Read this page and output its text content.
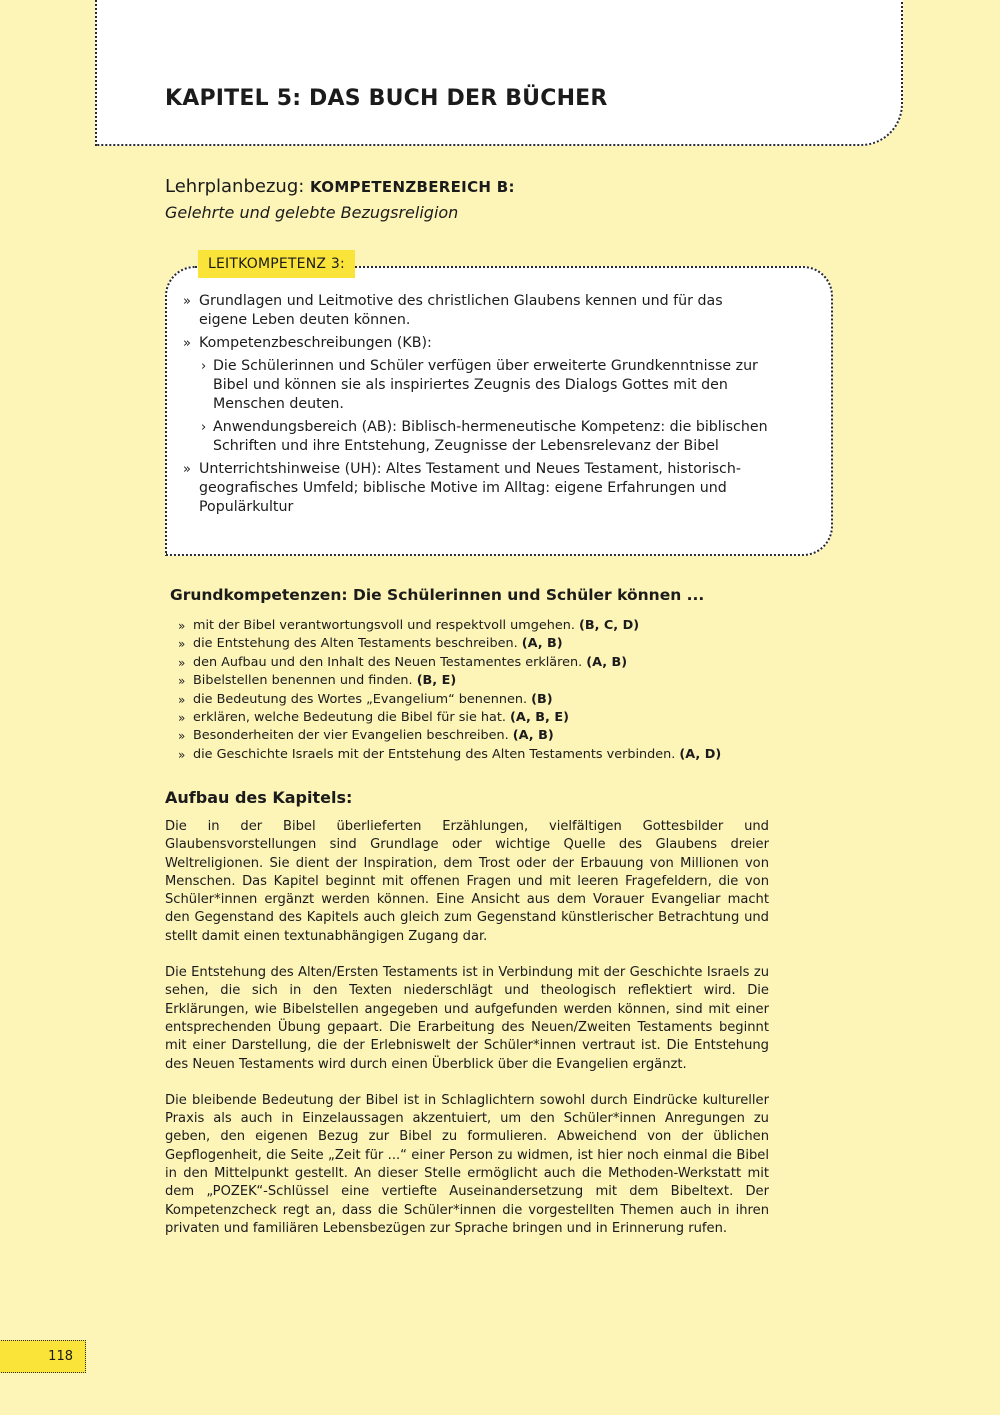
KAPITEL 5: DAS BUCH DER BÜCHER
Lehrplanbezug: KOMPETENZBEREICH B:
Gelehrte und gelebte Bezugsreligion
LEITKOMPETENZ 3:
» Grundlagen und Leitmotive des christlichen Glaubens kennen und für das eigene Leben deuten können.
» Kompetenzbeschreibungen (KB):
› Die Schülerinnen und Schüler verfügen über erweiterte Grundkenntnisse zur Bibel und können sie als inspiriertes Zeugnis des Dialogs Gottes mit den Menschen deuten.
› Anwendungsbereich (AB): Biblisch-hermeneutische Kompetenz: die biblischen Schriften und ihre Entstehung, Zeugnisse der Lebensrelevanz der Bibel
» Unterrichtshinweise (UH): Altes Testament und Neues Testament, historisch-geografisches Umfeld; biblische Motive im Alltag: eigene Erfahrungen und Populärkultur
Grundkompetenzen: Die Schülerinnen und Schüler können ...
» mit der Bibel verantwortungsvoll und respektvoll umgehen. (B, C, D)
» die Entstehung des Alten Testaments beschreiben. (A, B)
» den Aufbau und den Inhalt des Neuen Testamentes erklären. (A, B)
» Bibelstellen benennen und finden. (B, E)
» die Bedeutung des Wortes „Evangelium“ benennen. (B)
» erklären, welche Bedeutung die Bibel für sie hat. (A, B, E)
» Besonderheiten der vier Evangelien beschreiben. (A, B)
» die Geschichte Israels mit der Entstehung des Alten Testaments verbinden. (A, D)
Aufbau des Kapitels:

Die in der Bibel überlieferten Erzählungen, vielfältigen Gottesbilder und Glaubensvorstellungen sind Grundlage oder wichtige Quelle des Glaubens dreier Weltreligionen. Sie dient der Inspiration, dem Trost oder der Erbauung von Millionen von Menschen. Das Kapitel beginnt mit offenen Fragen und mit leeren Fragefeldern, die von Schüler*innen ergänzt werden können. Eine Ansicht aus dem Vorauer Evangeliar macht den Gegenstand des Kapitels auch gleich zum Gegenstand künstlerischer Betrachtung und stellt damit einen textunabhängigen Zugang dar.

Die Entstehung des Alten/Ersten Testaments ist in Verbindung mit der Geschichte Israels zu sehen, die sich in den Texten niederschlägt und theologisch reflektiert wird. Die Erklärungen, wie Bibelstellen angegeben und aufgefunden werden können, sind mit einer entsprechenden Übung gepaart. Die Erarbeitung des Neuen/Zweiten Testaments beginnt mit einer Darstellung, die der Erlebniswelt der Schüler*innen vertraut ist. Die Entstehung des Neuen Testaments wird durch einen Überblick über die Evangelien ergänzt.

Die bleibende Bedeutung der Bibel ist in Schlaglichtern sowohl durch Eindrücke kultureller Praxis als auch in Einzelaussagen akzentuiert, um den Schüler*innen Anregungen zu geben, den eigenen Bezug zur Bibel zu formulieren. Abweichend von der üblichen Gepflogenheit, die Seite „Zeit für ...“ einer Person zu widmen, ist hier noch einmal die Bibel in den Mittelpunkt gestellt. An dieser Stelle ermöglicht auch die Methoden-Werkstatt mit dem „POZEK“-Schlüssel eine vertiefte Auseinandersetzung mit dem Bibeltext. Der Kompetenzcheck regt an, dass die Schüler*innen die vorgestellten Themen auch in ihren privaten und familiären Lebensbezügen zur Sprache bringen und in Erinnerung rufen.

118
